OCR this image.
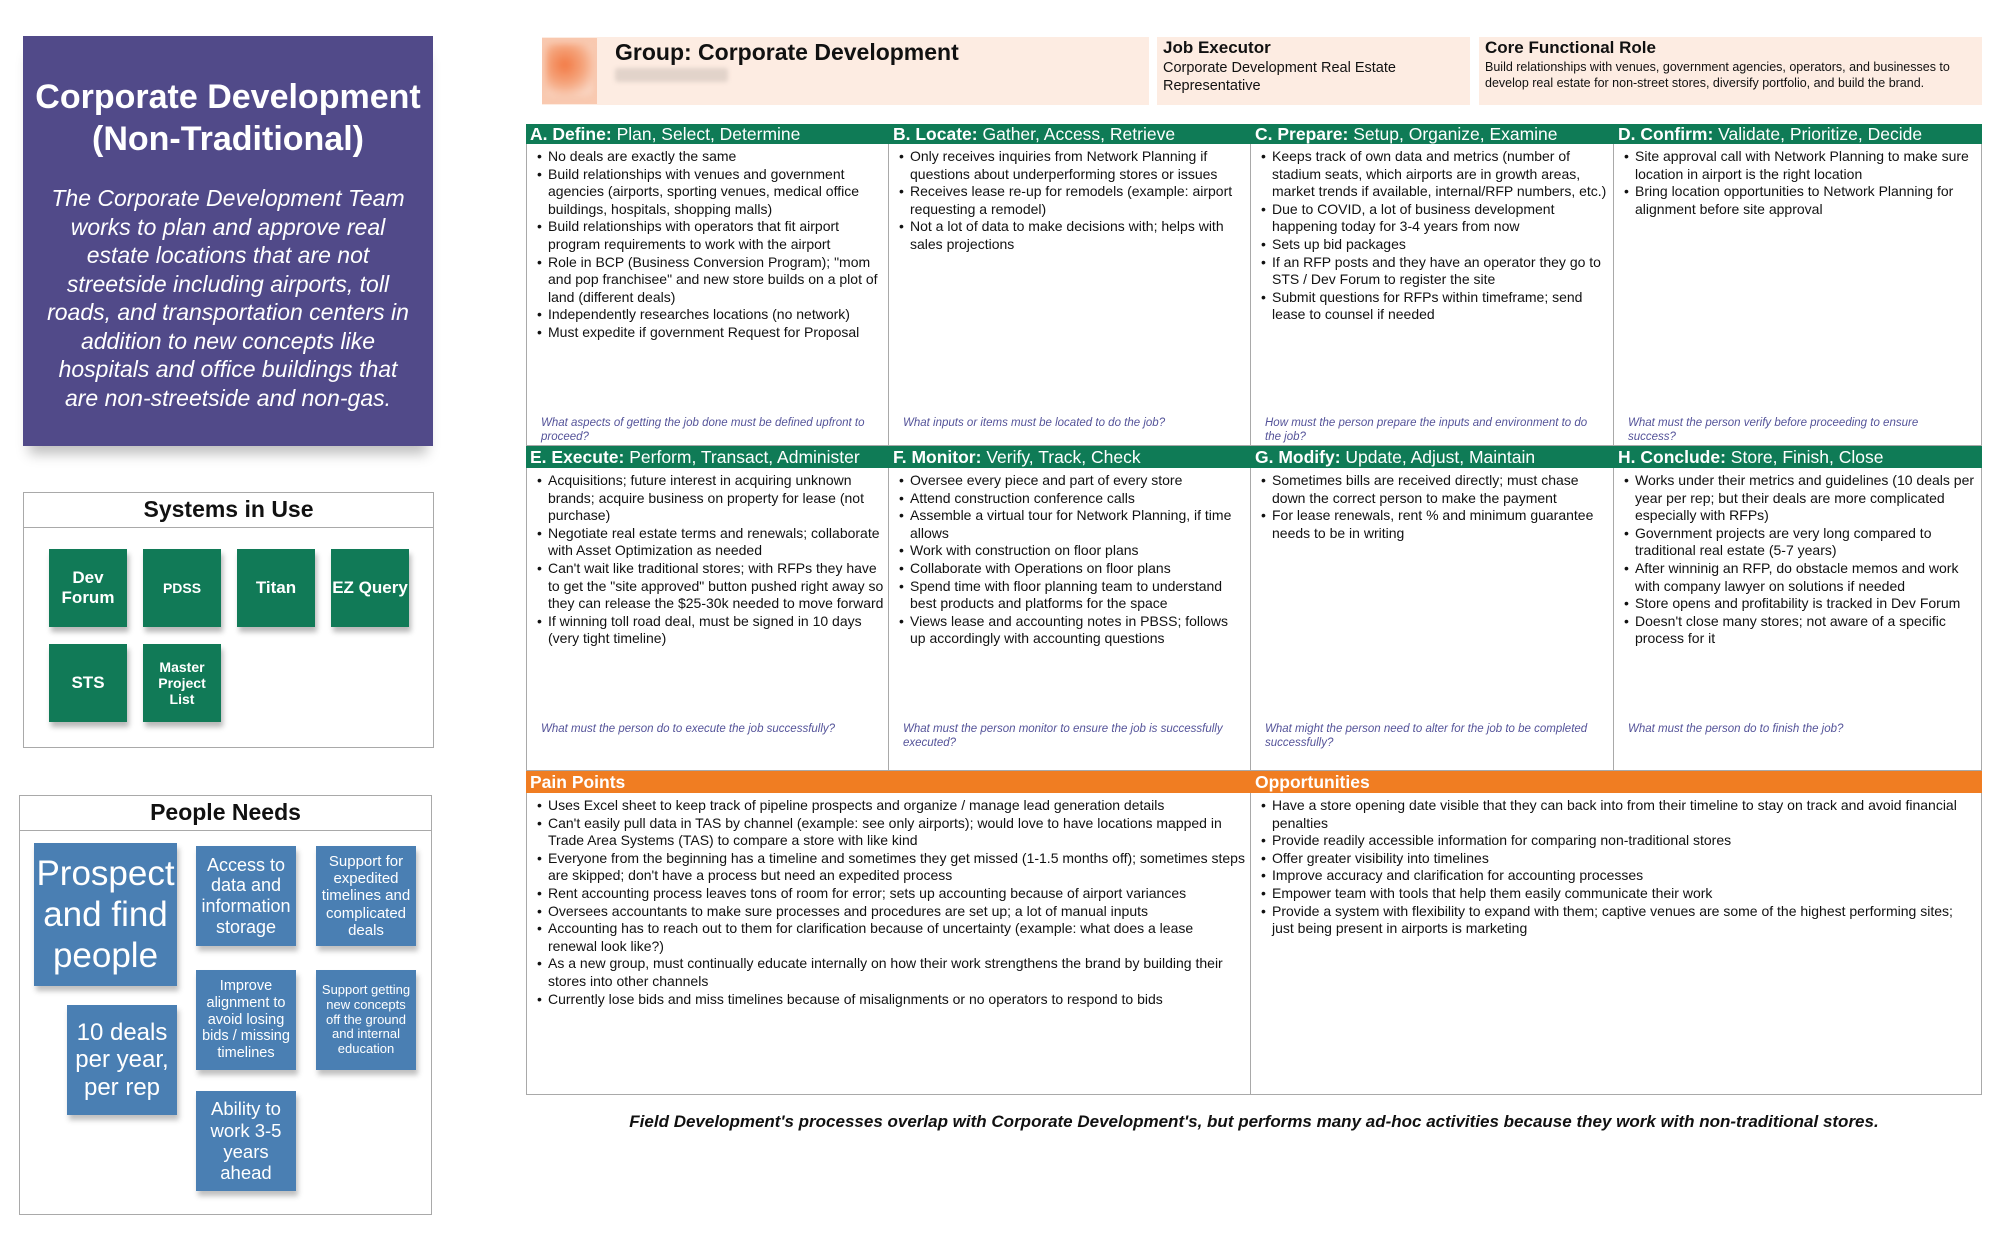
Corporate Development
(Non-Traditional)

The Corporate Development Team works to plan and approve real estate locations that are not streetside including airports, toll roads, and transportation centers in addition to new concepts like hospitals and office buildings that are non-streetside and non-gas.

Systems in Use
Dev Forum
PDSS	Titan	EZ Query
STS
Master Project List
People Needs
Prospect and find people
Access to data and information storage
Support for expedited timelines and complicated deals
10 deals per year, per rep
Improve alignment to avoid losing bids / missing timelines
Support getting new concepts off the ground and internal education
Ability to work 3-5 years ahead
Group: Corporate Development	Job Executor
Corporate Development Real Estate Representative
Core Functional Role
Build relationships with venues, government agencies, operators, and businesses to develop real estate for non-street stores, diversify portfolio, and build the brand.
A. Define: Plan, Select, Determine
• No deals are exactly the same
• Build relationships with venues and government agencies (airports, sporting venues, medical office buildings, hospitals, shopping malls)
• Build relationships with operators that fit airport program requirements to work with the airport
• Role in BCP (Business Conversion Program); "mom and pop franchisee" and new store builds on a plot of land (different deals)
• Independently researches locations (no network)
• Must expedite if government Request for Proposal
What aspects of getting the job done must be defined upfront to proceed?
B. Locate: Gather, Access, Retrieve
• Only receives inquiries from Network Planning if questions about underperforming stores or issues
• Receives lease re-up for remodels (example: airport requesting a remodel)
• Not a lot of data to make decisions with; helps with sales projections
What inputs or items must be located to do the job?
C. Prepare: Setup, Organize, Examine
• Keeps track of own data and metrics (number of stadium seats, which airports are in growth areas, market trends if available, internal/RFP numbers, etc.)
• Due to COVID, a lot of business development happening today for 3-4 years from now
• Sets up bid packages
• If an RFP posts and they have an operator they go to STS / Dev Forum to register the site
• Submit questions for RFPs within timeframe; send lease to counsel if needed
How must the person prepare the inputs and environment to do the job?
D. Confirm: Validate, Prioritize, Decide
• Site approval call with Network Planning to make sure location in airport is the right location
• Bring location opportunities to Network Planning for alignment before site approval
What must the person verify before proceeding to ensure success?
E. Execute: Perform, Transact, Administer
• Acquisitions; future interest in acquiring unknown brands; acquire business on property for lease (not purchase)
• Negotiate real estate terms and renewals; collaborate with Asset Optimization as needed
• Can't wait like traditional stores; with RFPs they have to get the "site approved" button pushed right away so they can release the $25-30k needed to move forward
• If winning toll road deal, must be signed in 10 days (very tight timeline)
What must the person do to execute the job successfully?
F. Monitor: Verify, Track, Check
• Oversee every piece and part of every store
• Attend construction conference calls
• Assemble a virtual tour for Network Planning, if time allows
• Work with construction on floor plans
• Collaborate with Operations on floor plans
• Spend time with floor planning team to understand best products and platforms for the space
• Views lease and accounting notes in PBSS; follows up accordingly with accounting questions
What must the person monitor to ensure the job is successfully executed?
G. Modify: Update, Adjust, Maintain
• Sometimes bills are received directly; must chase down the correct person to make the payment
• For lease renewals, rent % and minimum guarantee needs to be in writing
What might the person need to alter for the job to be completed successfully?
H. Conclude: Store, Finish, Close
• Works under their metrics and guidelines (10 deals per year per rep; but their deals are more complicated especially with RFPs)
• Government projects are very long compared to traditional real estate (5-7 years)
• After winninig an RFP, do obstacle memos and work with company lawyer on solutions if needed
• Store opens and profitability is tracked in Dev Forum
• Doesn't close many stores; not aware of a specific process for it
What must the person do to finish the job?
Pain Points
• Uses Excel sheet to keep track of pipeline prospects and organize / manage lead generation details
• Can't easily pull data in TAS by channel (example: see only airports); would love to have locations mapped in Trade Area Systems (TAS) to compare a store with like kind
• Everyone from the beginning has a timeline and sometimes they get missed (1-1.5 months off); sometimes steps are skipped; don't have a process but need an expedited process
• Rent accounting process leaves tons of room for error; sets up accounting because of airport variances
• Oversees accountants to make sure processes and procedures are set up; a lot of manual inputs
• Accounting has to reach out to them for clarification because of uncertainty (example: what does a lease renewal look like?)
• As a new group, must continually educate internally on how their work strengthens the brand by building their stores into other channels
• Currently lose bids and miss timelines because of misalignments or no operators to respond to bids
Opportunities
• Have a store opening date visible that they can back into from their timeline to stay on track and avoid financial penalties
• Provide readily accessible information for comparing non-traditional stores
• Offer greater visibility into timelines
• Improve accuracy and clarification for accounting processes
• Empower team with tools that help them easily communicate their work
• Provide a system with flexibility to expand with them; captive venues are some of the highest performing sites; just being present in airports is marketing
Field Development's processes overlap with Corporate Development's, but performs many ad-hoc activities because they work with non-traditional stores.
